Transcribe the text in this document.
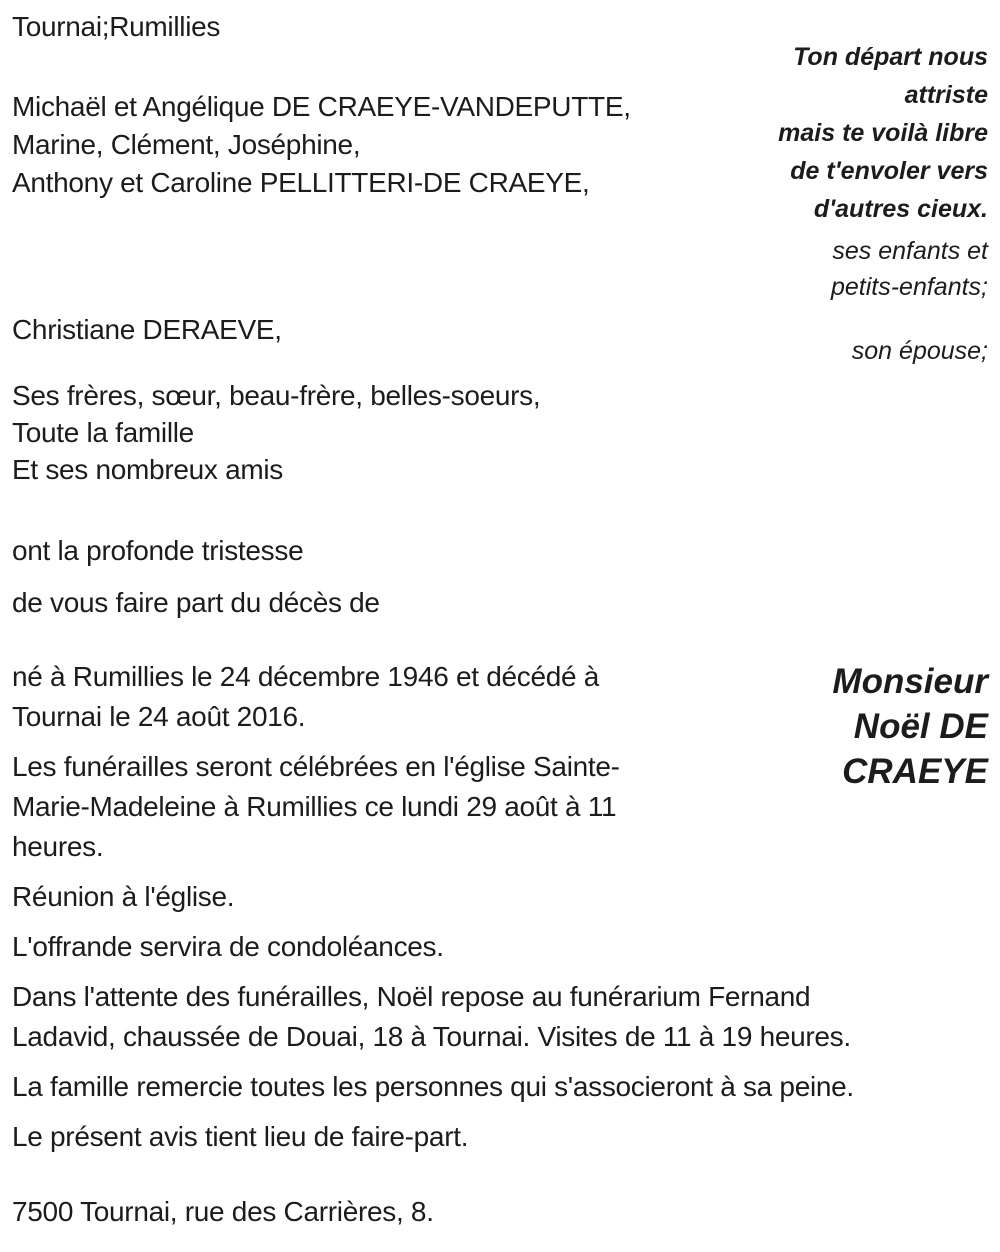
Tournai;Rumillies
Michaël et Angélique DE CRAEYE-VANDEPUTTE,
Marine, Clément, Joséphine,
Anthony et Caroline PELLITTERI-DE CRAEYE,
Christiane DERAEVE,
Ses frères, sœur, beau-frère, belles-soeurs,
Toute la famille
Et ses nombreux amis
ont la profonde tristesse
de vous faire part du décès de
né à Rumillies le 24 décembre 1946 et décédé à
Tournai le 24 août 2016.
Les funérailles seront célébrées en l'église Sainte-
Marie-Madeleine à Rumillies ce lundi 29 août à 11
heures.
Réunion à l'église.
L'offrande servira de condoléances.
Dans l'attente des funérailles, Noël repose au funérarium Fernand
Ladavid, chaussée de Douai, 18 à Tournai. Visites de 11 à 19 heures.
La famille remercie toutes les personnes qui s'associeront à sa peine.
Le présent avis tient lieu de faire-part.
7500 Tournai, rue des Carrières, 8.
Ton départ nous
attriste
mais te voilà libre
de t'envoler vers
d'autres cieux.
ses enfants et
petits-enfants;
son épouse;
Monsieur
Noël DE
CRAEYE
